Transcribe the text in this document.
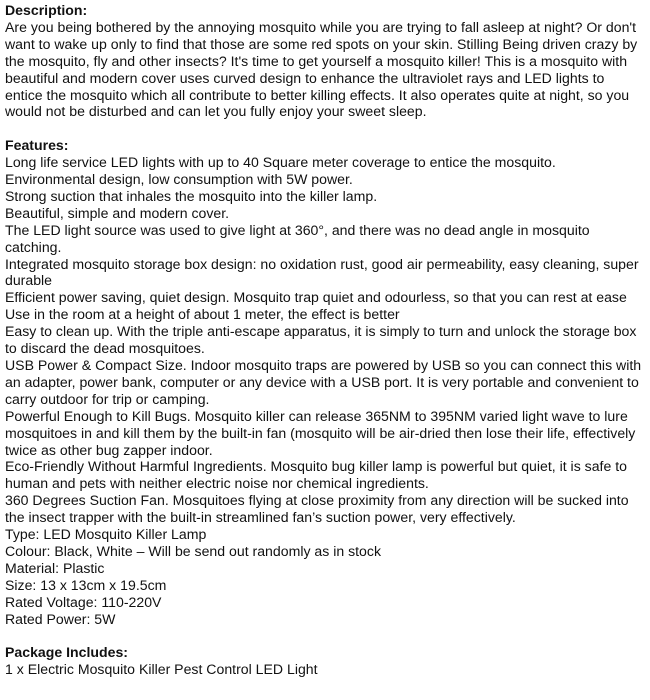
Description:

Are you being bothered by the annoying mosquito while you are trying to fall asleep at night? Or don't want to wake up only to find that those are some red spots on your skin. Stilling Being driven crazy by the mosquito, fly and other insects? It's time to get yourself a mosquito killer! This is a mosquito with beautiful and modern cover uses curved design to enhance the ultraviolet rays and LED lights to entice the mosquito which all contribute to better killing effects. It also operates quite at night, so you would not be disturbed and can let you fully enjoy your sweet sleep.

Features:

Long life service LED lights with up to 40 Square meter coverage to entice the mosquito.

Environmental design, low consumption with 5W power.

Strong suction that inhales the mosquito into the killer lamp.

Beautiful, simple and modern cover.

The LED light source was used to give light at 360°, and there was no dead angle in mosquito catching.

Integrated mosquito storage box design: no oxidation rust, good air permeability, easy cleaning, super durable

Efficient power saving, quiet design. Mosquito trap quiet and odourless, so that you can rest at ease

Use in the room at a height of about 1 meter, the effect is better

Easy to clean up. With the triple anti-escape apparatus, it is simply to turn and unlock the storage box to discard the dead mosquitoes.

USB Power & Compact Size. Indoor mosquito traps are powered by USB so you can connect this with an adapter, power bank, computer or any device with a USB port. It is very portable and convenient to carry outdoor for trip or camping.

Powerful Enough to Kill Bugs. Mosquito killer can release 365NM to 395NM varied light wave to lure mosquitoes in and kill them by the built-in fan (mosquito will be air-dried then lose their life, effectively twice as other bug zapper indoor.

Eco-Friendly Without Harmful Ingredients. Mosquito bug killer lamp is powerful but quiet, it is safe to human and pets with neither electric noise nor chemical ingredients.

360 Degrees Suction Fan. Mosquitoes flying at close proximity from any direction will be sucked into the insect trapper with the built-in streamlined fan’s suction power, very effectively.

Type: LED Mosquito Killer Lamp

Colour: Black, White – Will be send out randomly as in stock

Material: Plastic

Size: 13 x 13cm x 19.5cm

Rated Voltage: 110-220V

Rated Power: 5W

Package Includes:

1 x Electric Mosquito Killer Pest Control LED Light
